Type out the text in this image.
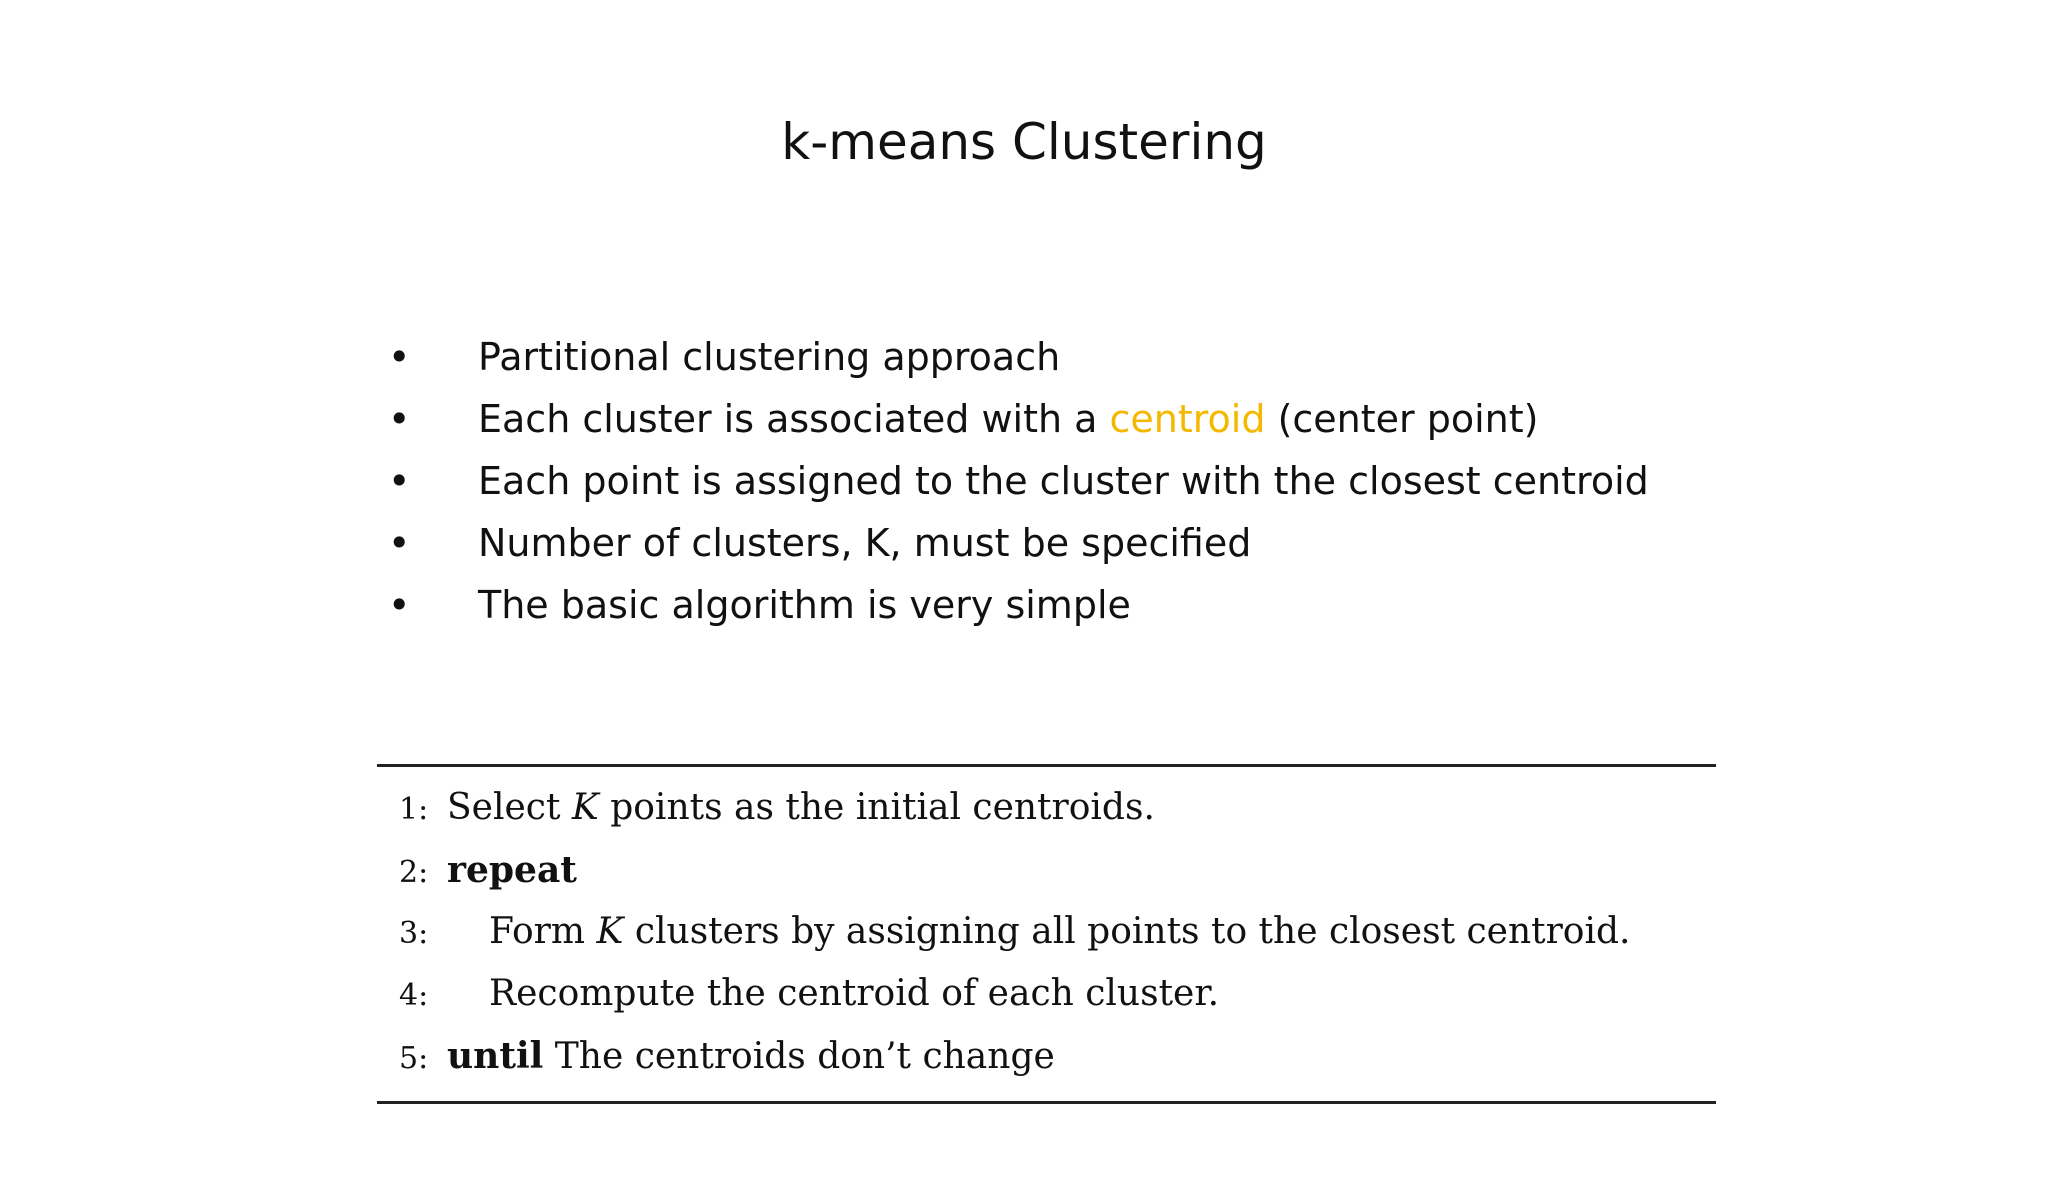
k-means Clustering
• Partitional clustering approach
• Each cluster is associated with a centroid (center point)
• Each point is assigned to the cluster with the closest centroid
• Number of clusters, K, must be specified
• The basic algorithm is very simple
1: Select K points as the initial centroids.
2: repeat
3: Form K clusters by assigning all points to the closest centroid.
4: Recompute the centroid of each cluster.
5: until The centroids don’t change
